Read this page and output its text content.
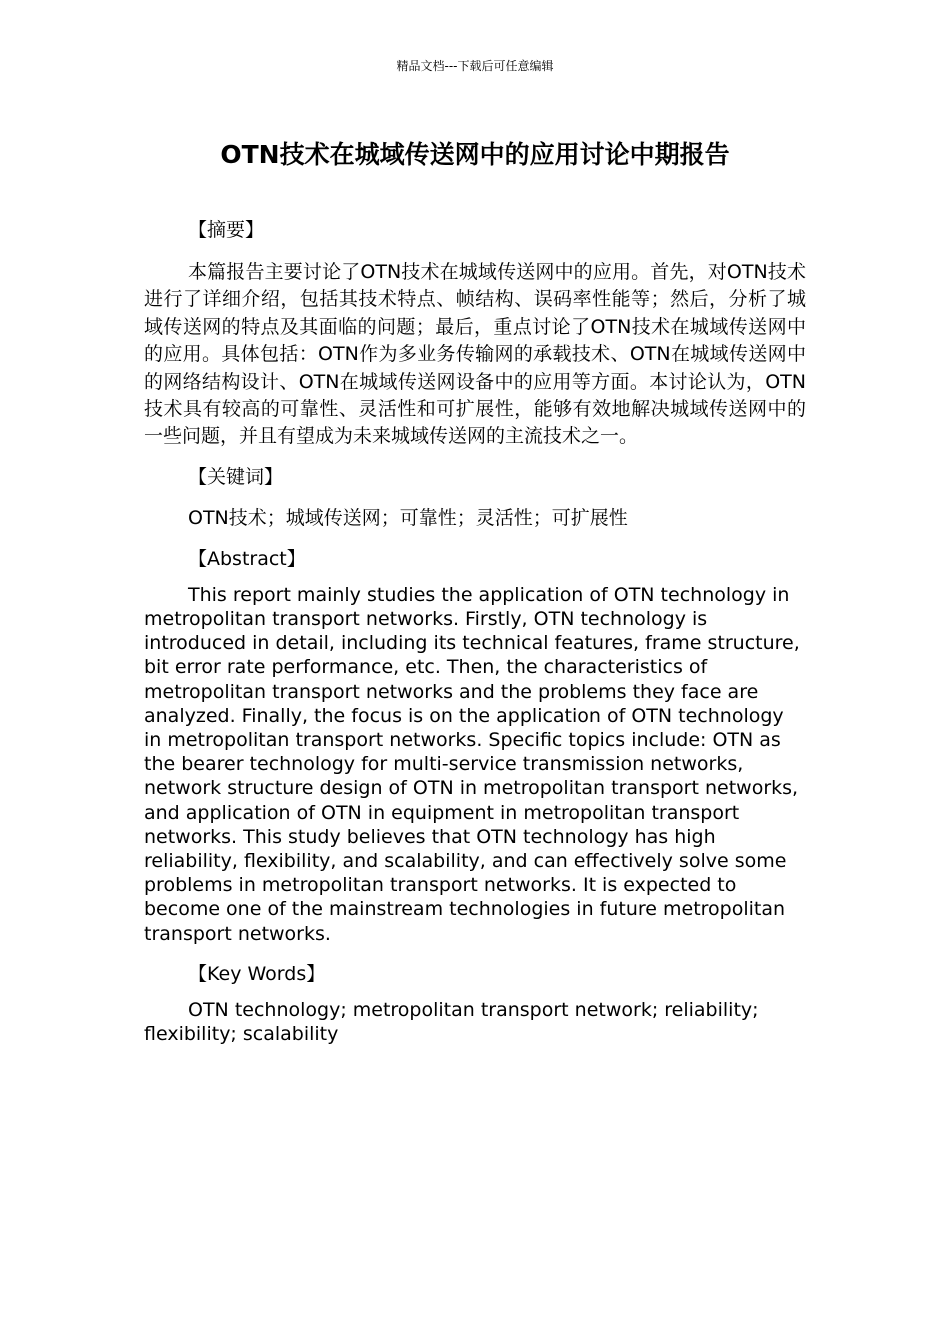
精品文档---下载后可任意编辑
OTN技术在城域传送网中的应用讨论中期报告

【摘要】

本篇报告主要讨论了OTN技术在城域传送网中的应用。首先，对OTN技术进行了详细介绍，包括其技术特点、帧结构、误码率性能等；然后，分析了城域传送网的特点及其面临的问题；最后，重点讨论了OTN技术在城域传送网中的应用。具体包括：OTN作为多业务传输网的承载技术、OTN在城域传送网中的网络结构设计、OTN在城域传送网设备中的应用等方面。本讨论认为，OTN技术具有较高的可靠性、灵活性和可扩展性，能够有效地解决城域传送网中的一些问题，并且有望成为未来城域传送网的主流技术之一。

【关键词】

OTN技术；城域传送网；可靠性；灵活性；可扩展性

【Abstract】

This report mainly studies the application of OTN technology in metropolitan transport networks. Firstly, OTN technology is introduced in detail, including its technical features, frame structure, bit error rate performance, etc. Then, the characteristics of metropolitan transport networks and the problems they face are analyzed. Finally, the focus is on the application of OTN technology in metropolitan transport networks. Specific topics include: OTN as the bearer technology for multi-service transmission networks, network structure design of OTN in metropolitan transport networks, and application of OTN in equipment in metropolitan transport networks. This study believes that OTN technology has high reliability, flexibility, and scalability, and can effectively solve some problems in metropolitan transport networks. It is expected to become one of the mainstream technologies in future metropolitan transport networks.

【Key Words】

OTN technology; metropolitan transport network; reliability; flexibility; scalability
